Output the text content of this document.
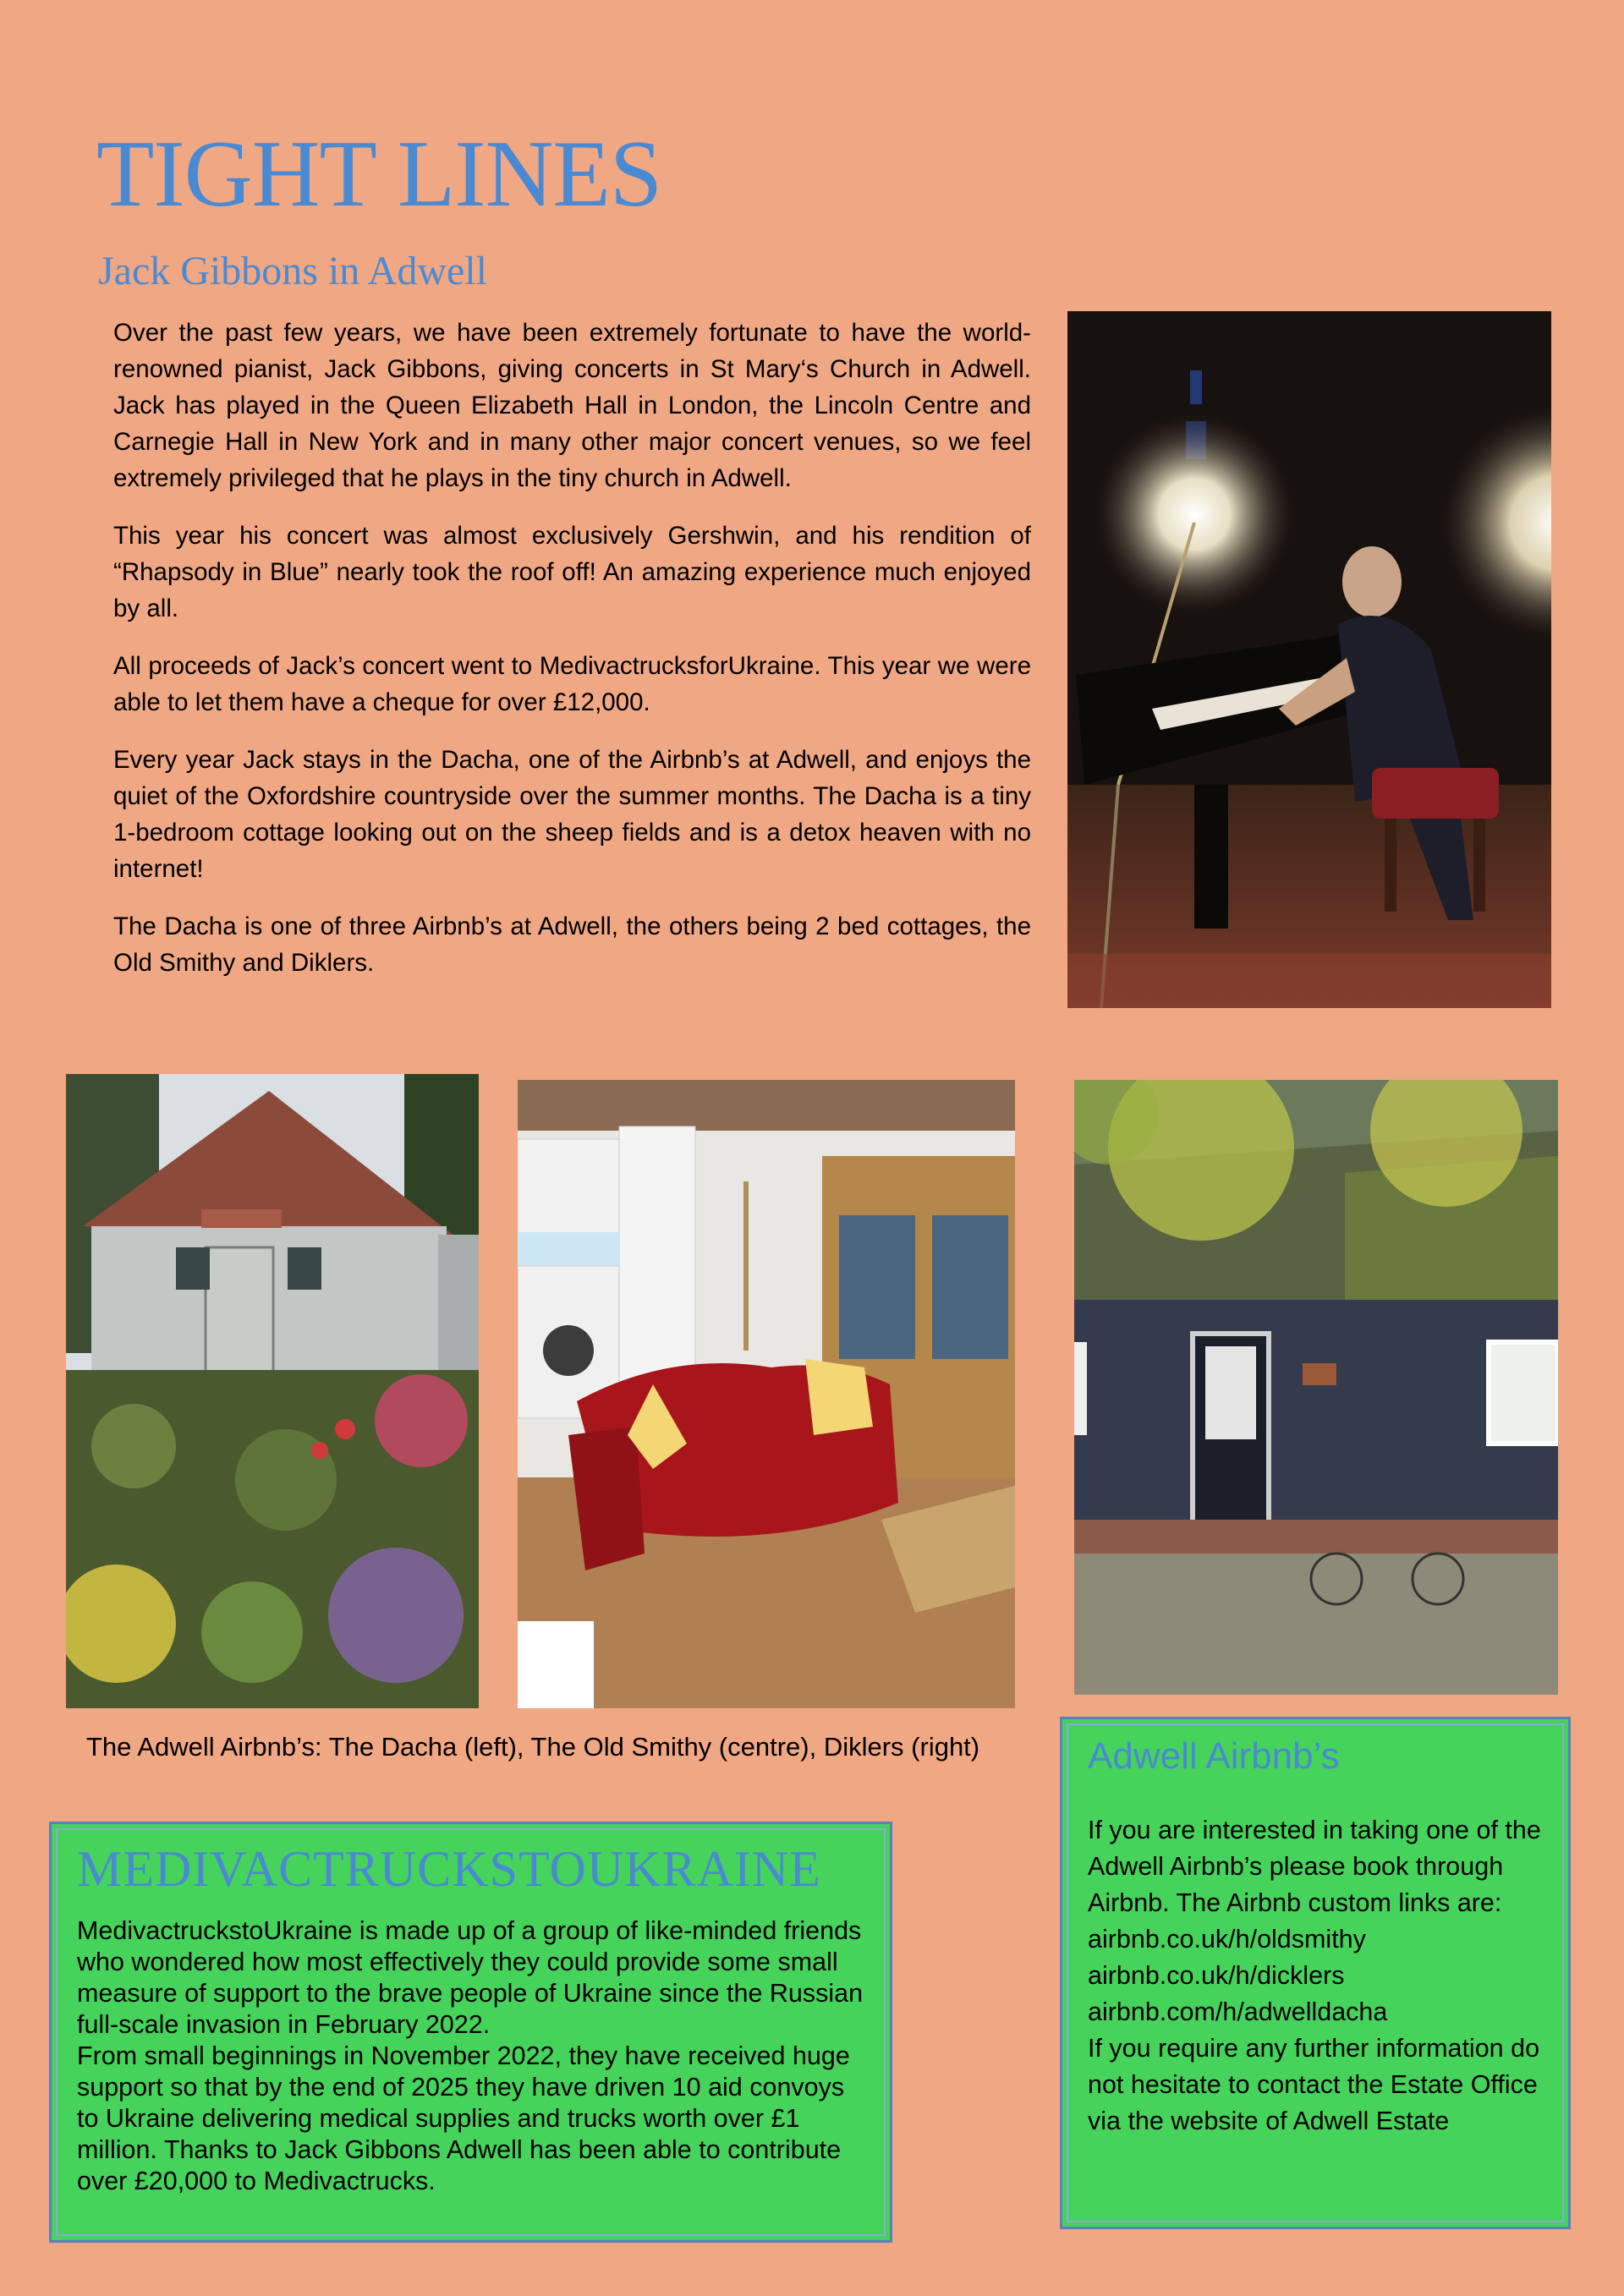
TIGHT LINES
Jack Gibbons in Adwell

Over the past few years, we have been extremely fortunate to have the world-renowned pianist, Jack Gibbons, giving concerts in St Mary‘s Church in Adwell. Jack has played in the Queen Elizabeth Hall in London, the Lincoln Centre and Carnegie Hall in New York and in many other major concert venues, so we feel extremely privileged that he plays in the tiny church in Adwell.

This year his concert was almost exclusively Gershwin, and his rendition of “Rhapsody in Blue” nearly took the roof off! An amazing experience much enjoyed by all.

All proceeds of Jack’s concert went to MedivactrucksforUkraine. This year we were able to let them have a cheque for over £12,000.

Every year Jack stays in the Dacha, one of the Airbnb’s at Adwell, and enjoys the quiet of the Oxfordshire countryside over the summer months. The Dacha is a tiny 1-bedroom cottage looking out on the sheep fields and is a detox heaven with no internet!

The Dacha is one of three Airbnb’s at Adwell, the others being 2 bed cottages, the Old Smithy and Diklers.

The Adwell Airbnb’s: The Dacha (left), The Old Smithy (centre), Diklers (right)
MEDIVACTRUCKSTOUKRAINE

MedivactruckstoUkraine is made up of a group of like-minded friends who wondered how most effectively they could provide some small measure of support to the brave people of Ukraine since the Russian full-scale invasion in February 2022.

From small beginnings in November 2022, they have received huge support so that by the end of 2025 they have driven 10 aid convoys to Ukraine delivering medical supplies and trucks worth over £1 million. Thanks to Jack Gibbons Adwell has been able to contribute over £20,000 to Medivactrucks.

Adwell Airbnb’s

If you are interested in taking one of the Adwell Airbnb’s please book through Airbnb. The Airbnb custom links are:

airbnb.co.uk/h/oldsmithy

airbnb.co.uk/h/dicklers

airbnb.com/h/adwelldacha

If you require any further information do not hesitate to contact the Estate Office via the website of Adwell Estate
